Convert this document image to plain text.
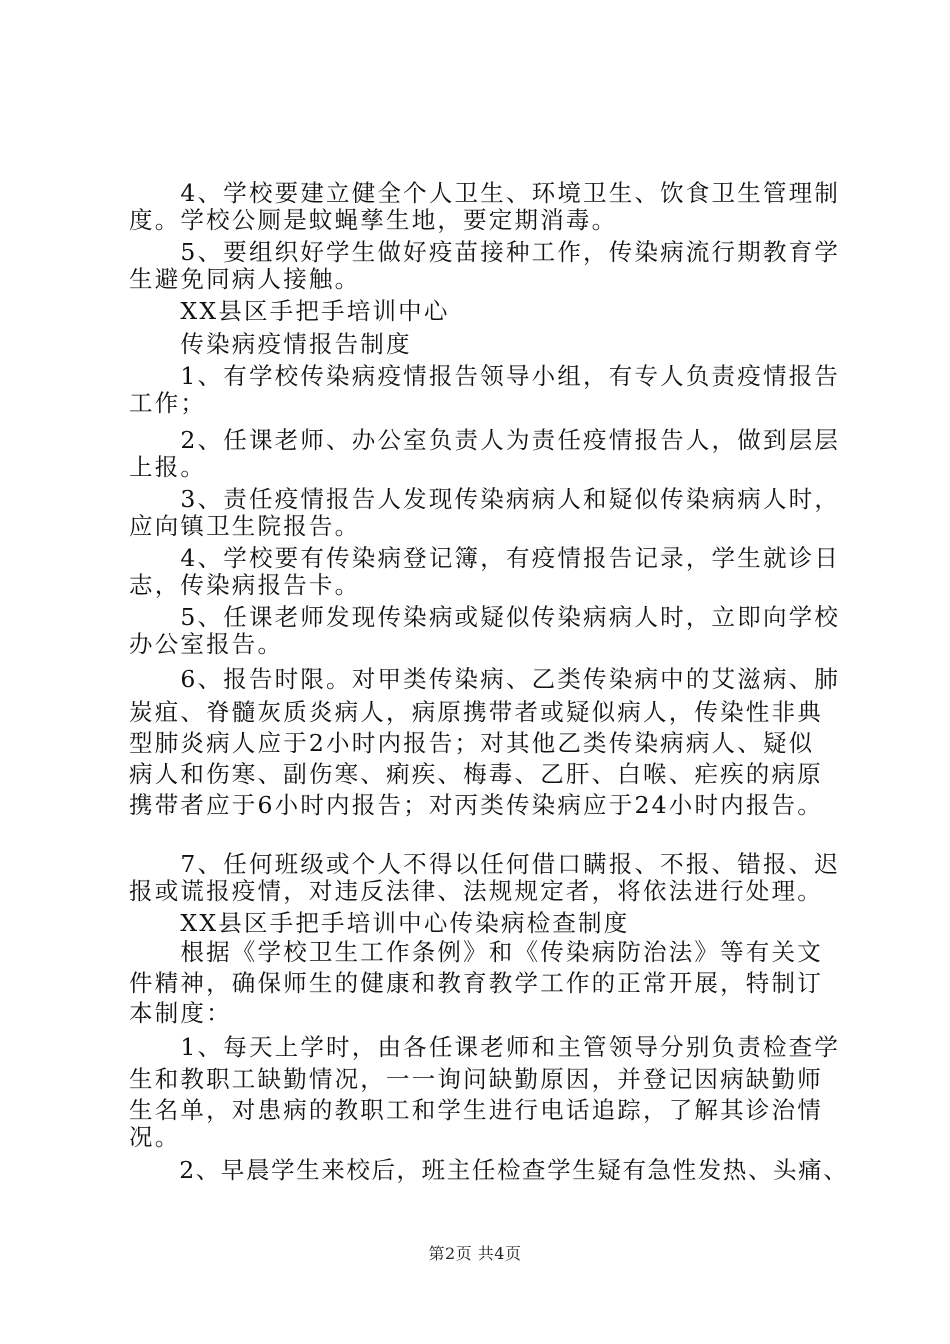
　　4、学校要建立健全个人卫生、环境卫生、饮食卫生管理制
度。学校公厕是蚊蝇孳生地，要定期消毒。
　　5、要组织好学生做好疫苗接种工作，传染病流行期教育学
生避免同病人接触。
　　XX县区手把手培训中心
　　传染病疫情报告制度
　　1、有学校传染病疫情报告领导小组，有专人负责疫情报告
工作；
　　2、任课老师、办公室负责人为责任疫情报告人，做到层层
上报。
　　3、责任疫情报告人发现传染病病人和疑似传染病病人时，
应向镇卫生院报告。
　　4、学校要有传染病登记簿，有疫情报告记录，学生就诊日
志，传染病报告卡。
　　5、任课老师发现传染病或疑似传染病病人时，立即向学校
办公室报告。
　　6、报告时限。对甲类传染病、乙类传染病中的艾滋病、肺
炭疽、脊髓灰质炎病人，病原携带者或疑似病人，传染性非典
型肺炎病人应于2小时内报告；对其他乙类传染病病人、疑似
病人和伤寒、副伤寒、痢疾、梅毒、乙肝、白喉、疟疾的病原
携带者应于6小时内报告；对丙类传染病应于24小时内报告。
　　7、任何班级或个人不得以任何借口瞒报、不报、错报、迟
报或谎报疫情，对违反法律、法规规定者，将依法进行处理。
　　XX县区手把手培训中心传染病检查制度
　　根据《学校卫生工作条例》和《传染病防治法》等有关文
件精神，确保师生的健康和教育教学工作的正常开展，特制订
本制度：
　　1、每天上学时，由各任课老师和主管领导分别负责检查学
生和教职工缺勤情况，一一询问缺勤原因，并登记因病缺勤师
生名单，对患病的教职工和学生进行电话追踪，了解其诊治情
况。
　　2、早晨学生来校后，班主任检查学生疑有急性发热、头痛、
第2页 共4页
